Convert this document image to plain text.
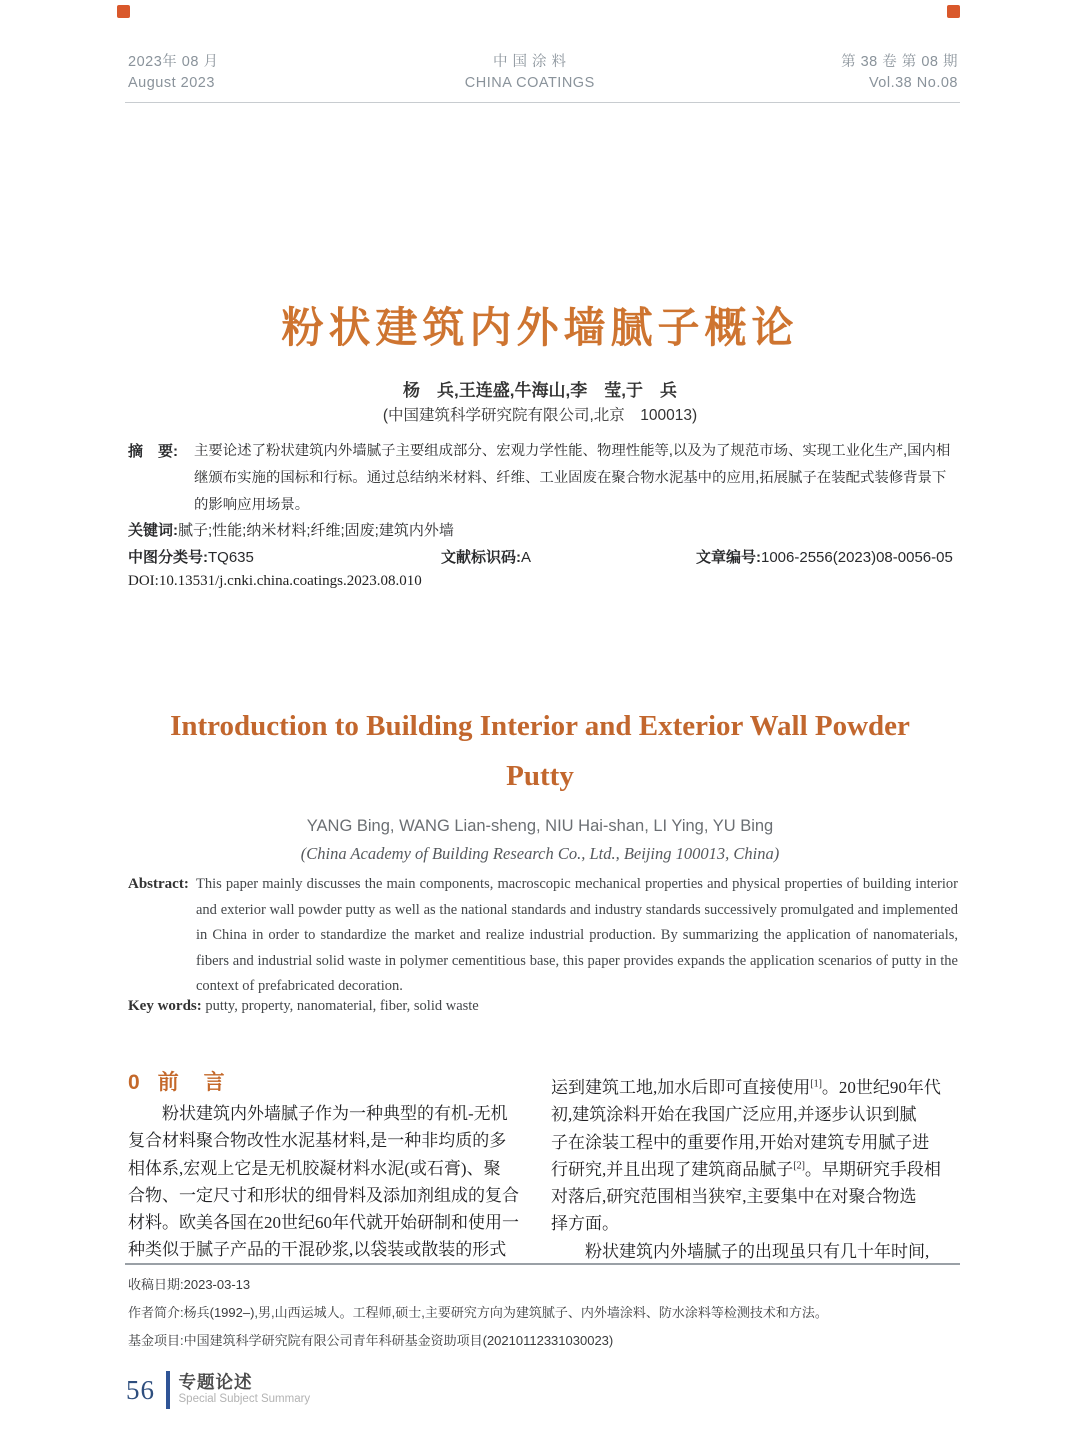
2023年 08 月
August 2023
中 国 涂 料
CHINA COATINGS
第 38 卷 第 08 期
Vol.38 No.08
粉状建筑内外墙腻子概论
杨　兵,王连盛,牛海山,李　莹,于　兵
(中国建筑科学研究院有限公司,北京　100013)
摘　要:	主要论述了粉状建筑内外墙腻子主要组成部分、宏观力学性能、物理性能等,以及为了规范市场、实现工业化生产,国内相
继颁布实施的国标和行标。通过总结纳米材料、纤维、工业固废在聚合物水泥基中的应用,拓展腻子在装配式装修背景下
的影响应用场景。
关键词:腻子;性能;纳米材料;纤维;固废;建筑内外墙
中图分类号:TQ635	文献标识码:A	文章编号:1006-2556(2023)08-0056-05
DOI:10.13531/j.cnki.china.coatings.2023.08.010
Introduction to Building Interior and Exterior Wall Powder
Putty
YANG Bing, WANG Lian-sheng, NIU Hai-shan, LI Ying, YU Bing
(China Academy of Building Research Co., Ltd., Beijing 100013, China)
Abstract: This paper mainly discusses the main components, macroscopic mechanical properties and physical properties of building interior and exterior wall powder putty as well as the national standards and industry standards successively promulgated and implemented in China in order to standardize the market and realize industrial production. By summarizing the application of nanomaterials, fibers and industrial solid waste in polymer cementitious base, this paper provides expands the application scenarios of putty in the context of prefabricated decoration.
Key words: putty, property, nanomaterial, fiber, solid waste
0 前　言
粉状建筑内外墙腻子作为一种典型的有机-无机
复合材料聚合物改性水泥基材料,是一种非均质的多
相体系,宏观上它是无机胶凝材料水泥(或石膏)、聚
合物、一定尺寸和形状的细骨料及添加剂组成的复合
材料。欧美各国在20世纪60年代就开始研制和使用一
种类似于腻子产品的干混砂浆,以袋装或散装的形式
运到建筑工地,加水后即可直接使用[1]。20世纪90年代
初,建筑涂料开始在我国广泛应用,并逐步认识到腻
子在涂装工程中的重要作用,开始对建筑专用腻子进
行研究,并且出现了建筑商品腻子[2]。早期研究手段相
对落后,研究范围相当狭窄,主要集中在对聚合物选
择方面。
粉状建筑内外墙腻子的出现虽只有几十年时间,
收稿日期:2023-03-13
作者简介:杨兵(1992–),男,山西运城人。工程师,硕士,主要研究方向为建筑腻子、内外墙涂料、防水涂料等检测技术和方法。
基金项目:中国建筑科学研究院有限公司青年科研基金资助项目(20210112331030023)
56 专题论述
Special Subject Summary
